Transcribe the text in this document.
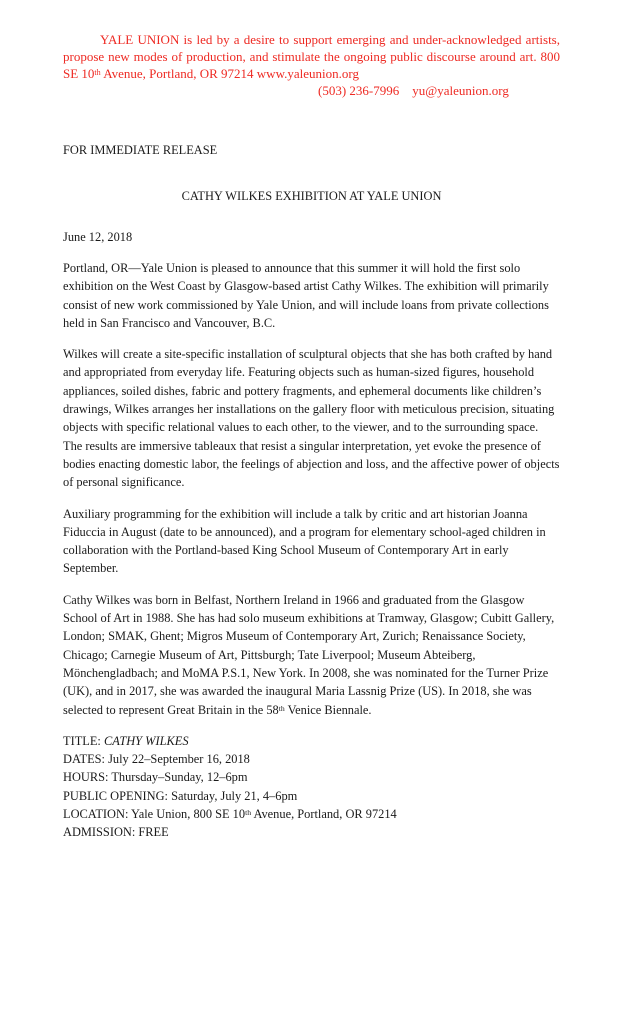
YALE UNION is led by a desire to support emerging and under-acknowledged artists, propose new modes of production, and stimulate the ongoing public discourse around art. 800 SE 10th Avenue, Portland, OR 97214 www.yaleunion.org

(503) 236-7996 yu@yaleunion.org

FOR IMMEDIATE RELEASE

CATHY WILKES EXHIBITION AT YALE UNION

June 12, 2018

Portland, OR—Yale Union is pleased to announce that this summer it will hold the first solo exhibition on the West Coast by Glasgow-based artist Cathy Wilkes. The exhibition will primarily consist of new work commissioned by Yale Union, and will include loans from private collections held in San Francisco and Vancouver, B.C.

Wilkes will create a site-specific installation of sculptural objects that she has both crafted by hand and appropriated from everyday life. Featuring objects such as human-sized figures, household appliances, soiled dishes, fabric and pottery fragments, and ephemeral documents like children’s drawings, Wilkes arranges her installations on the gallery floor with meticulous precision, situating objects with specific relational values to each other, to the viewer, and to the surrounding space. The results are immersive tableaux that resist a singular interpretation, yet evoke the presence of bodies enacting domestic labor, the feelings of abjection and loss, and the affective power of objects of personal significance.

Auxiliary programming for the exhibition will include a talk by critic and art historian Joanna Fiduccia in August (date to be announced), and a program for elementary school-aged children in collaboration with the Portland-based King School Museum of Contemporary Art in early September.

Cathy Wilkes was born in Belfast, Northern Ireland in 1966 and graduated from the Glasgow School of Art in 1988. She has had solo museum exhibitions at Tramway, Glasgow; Cubitt Gallery, London; SMAK, Ghent; Migros Museum of Contemporary Art, Zurich; Renaissance Society, Chicago; Carnegie Museum of Art, Pittsburgh; Tate Liverpool; Museum Abteiberg, Mönchengladbach; and MoMA P.S.1, New York. In 2008, she was nominated for the Turner Prize (UK), and in 2017, she was awarded the inaugural Maria Lassnig Prize (US). In 2018, she was selected to represent Great Britain in the 58th Venice Biennale.

TITLE: CATHY WILKES

DATES: July 22–September 16, 2018

HOURS: Thursday–Sunday, 12–6pm

PUBLIC OPENING: Saturday, July 21, 4–6pm

LOCATION: Yale Union, 800 SE 10th Avenue, Portland, OR 97214

ADMISSION: FREE
